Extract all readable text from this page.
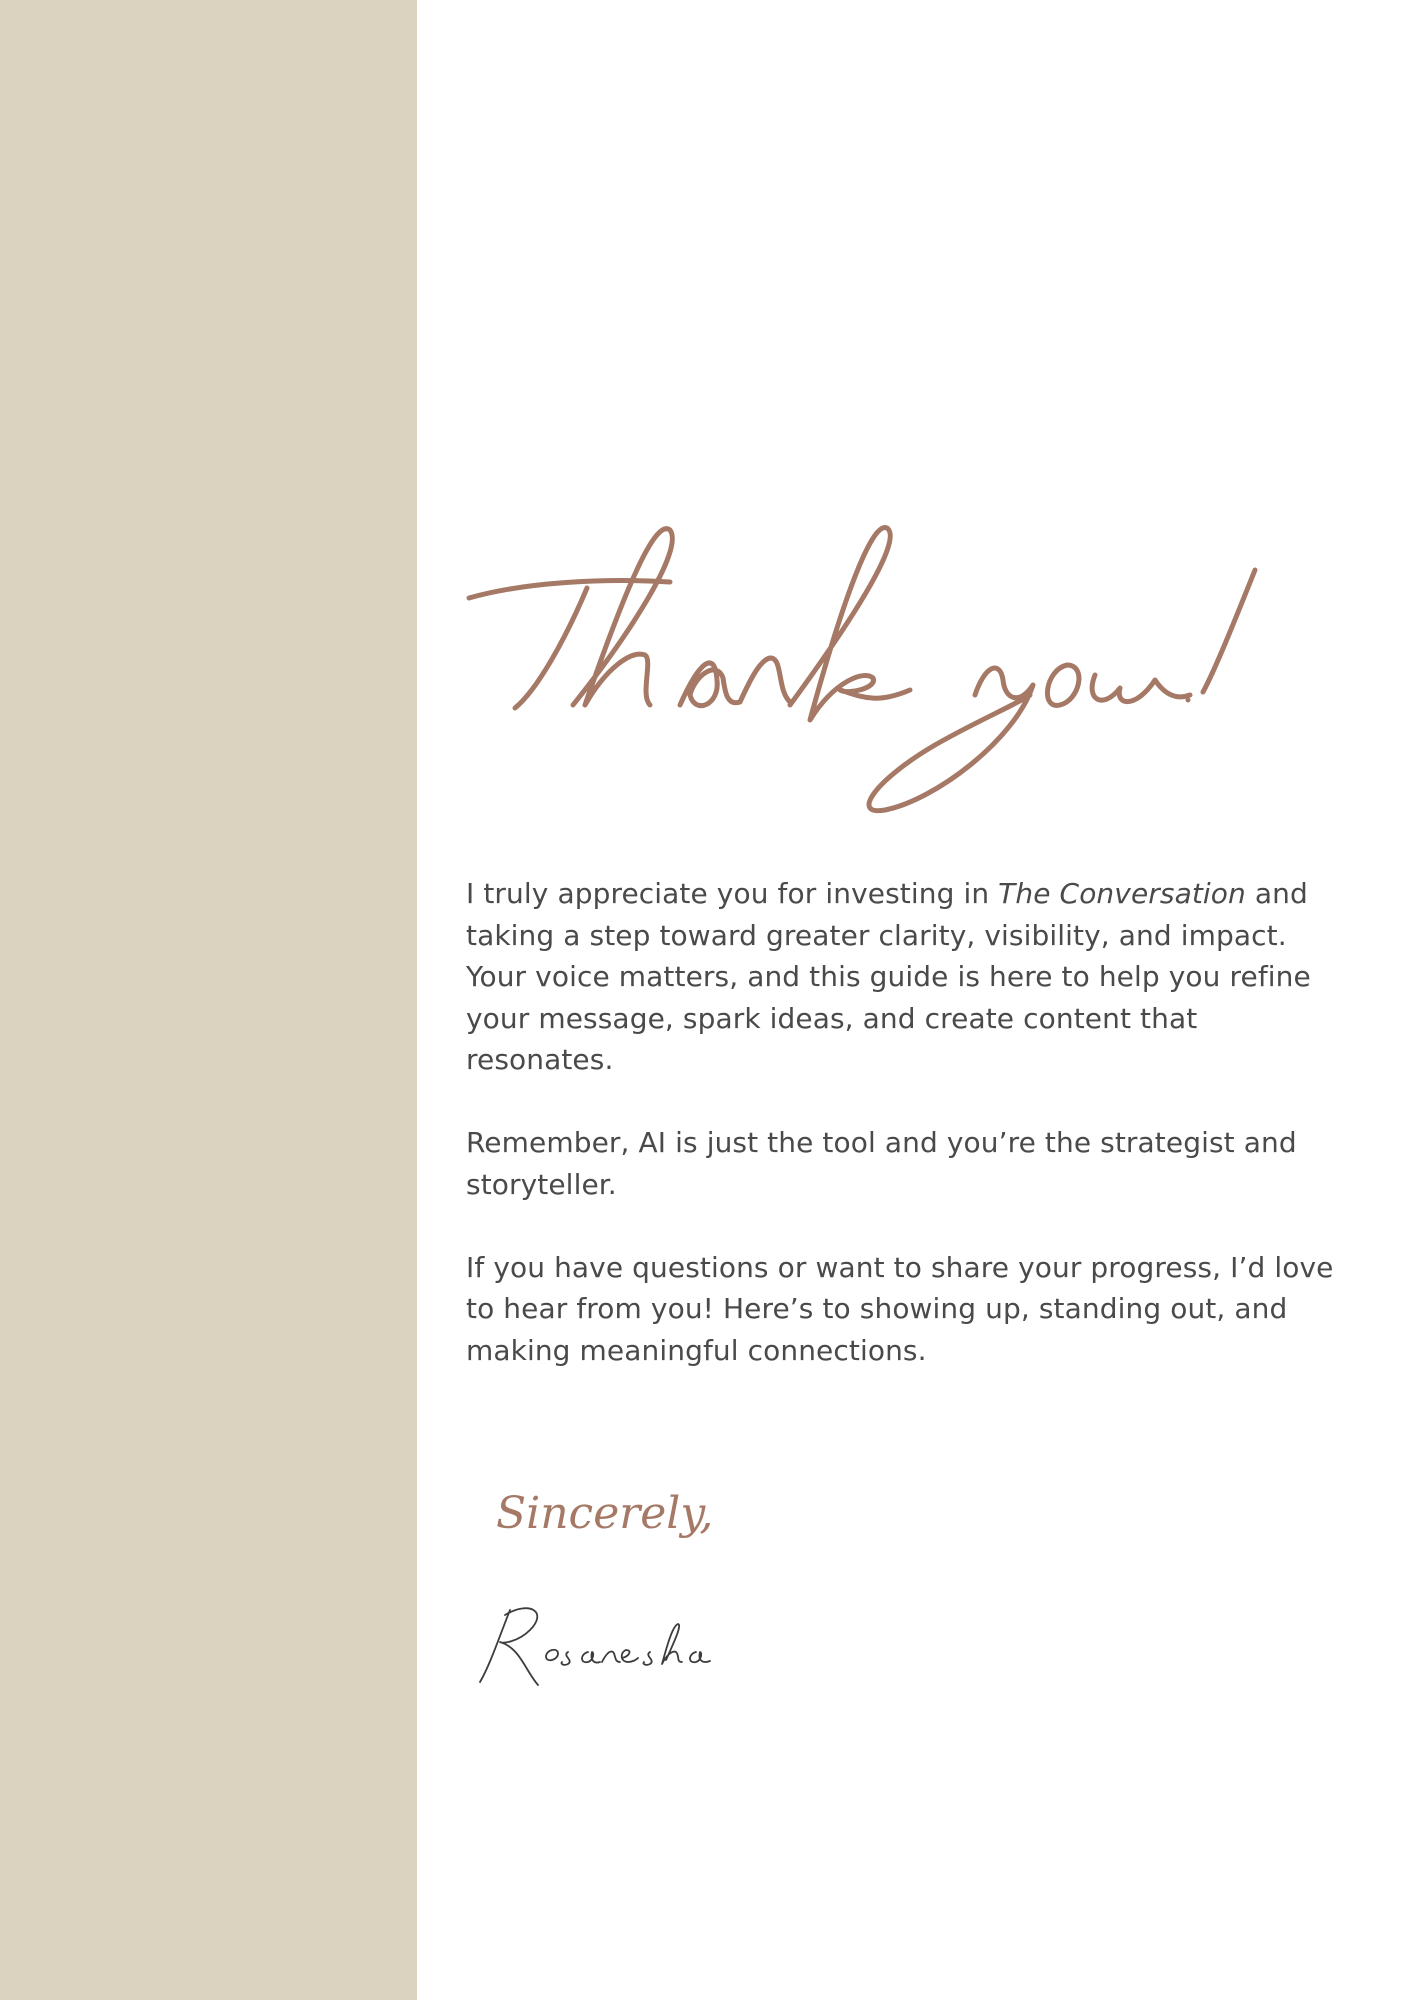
I truly appreciate you for investing in The Conversation and taking a step toward greater clarity, visibility, and impact. Your voice matters, and this guide is here to help you refine your message, spark ideas, and create content that resonates.

Remember, AI is just the tool and you’re the strategist and storyteller.

If you have questions or want to share your progress, I’d love to hear from you! Here’s to showing up, standing out, and making meaningful connections.

Sincerely,
